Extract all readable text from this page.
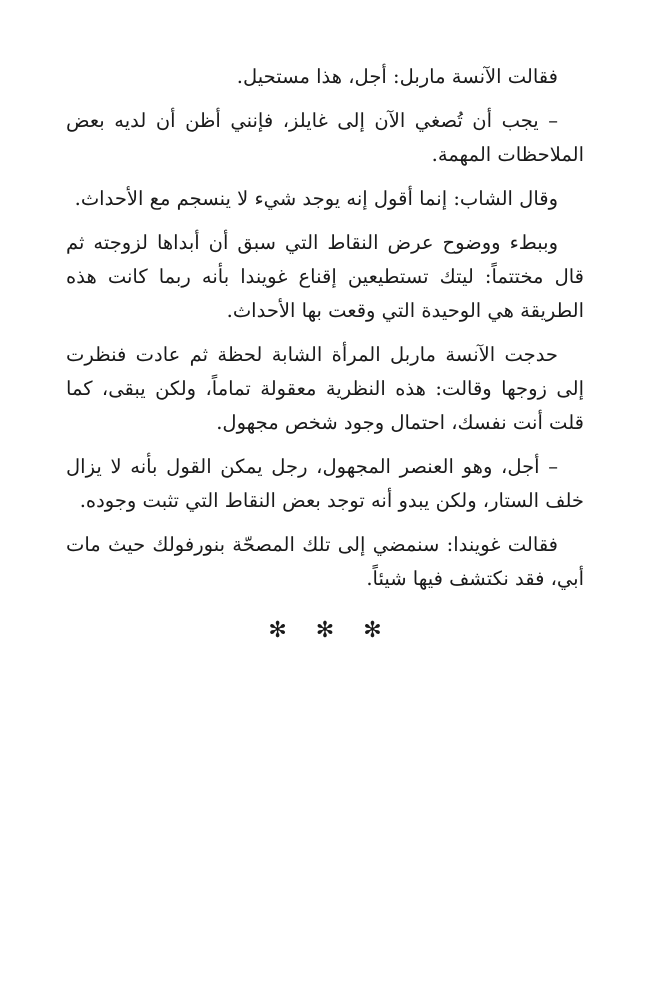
فقالت الآنسة ماربل: أجل، هذا مستحيل.

– يجب أن تُصغي الآن إلى غايلز، فإنني أظن أن لديه بعض الملاحظات المهمة.

وقال الشاب: إنما أقول إنه يوجد شيء لا ينسجم مع الأحداث.

وببطء ووضوح عرض النقاط التي سبق أن أبداها لزوجته ثم قال مختتماً: ليتك تستطيعين إقناع غويندا بأنه ربما كانت هذه الطريقة هي الوحيدة التي وقعت بها الأحداث.

حدجت الآنسة ماربل المرأة الشابة لحظة ثم عادت فنظرت إلى زوجها وقالت: هذه النظرية معقولة تماماً، ولكن يبقى، كما قلت أنت نفسك، احتمال وجود شخص مجهول.

– أجل، وهو العنصر المجهول، رجل يمكن القول بأنه لا يزال خلف الستار، ولكن يبدو أنه توجد بعض النقاط التي تثبت وجوده.

فقالت غويندا: سنمضي إلى تلك المصحّة بنورفولك حيث مات أبي، فقد نكتشف فيها شيئاً.

✻ ✻ ✻
